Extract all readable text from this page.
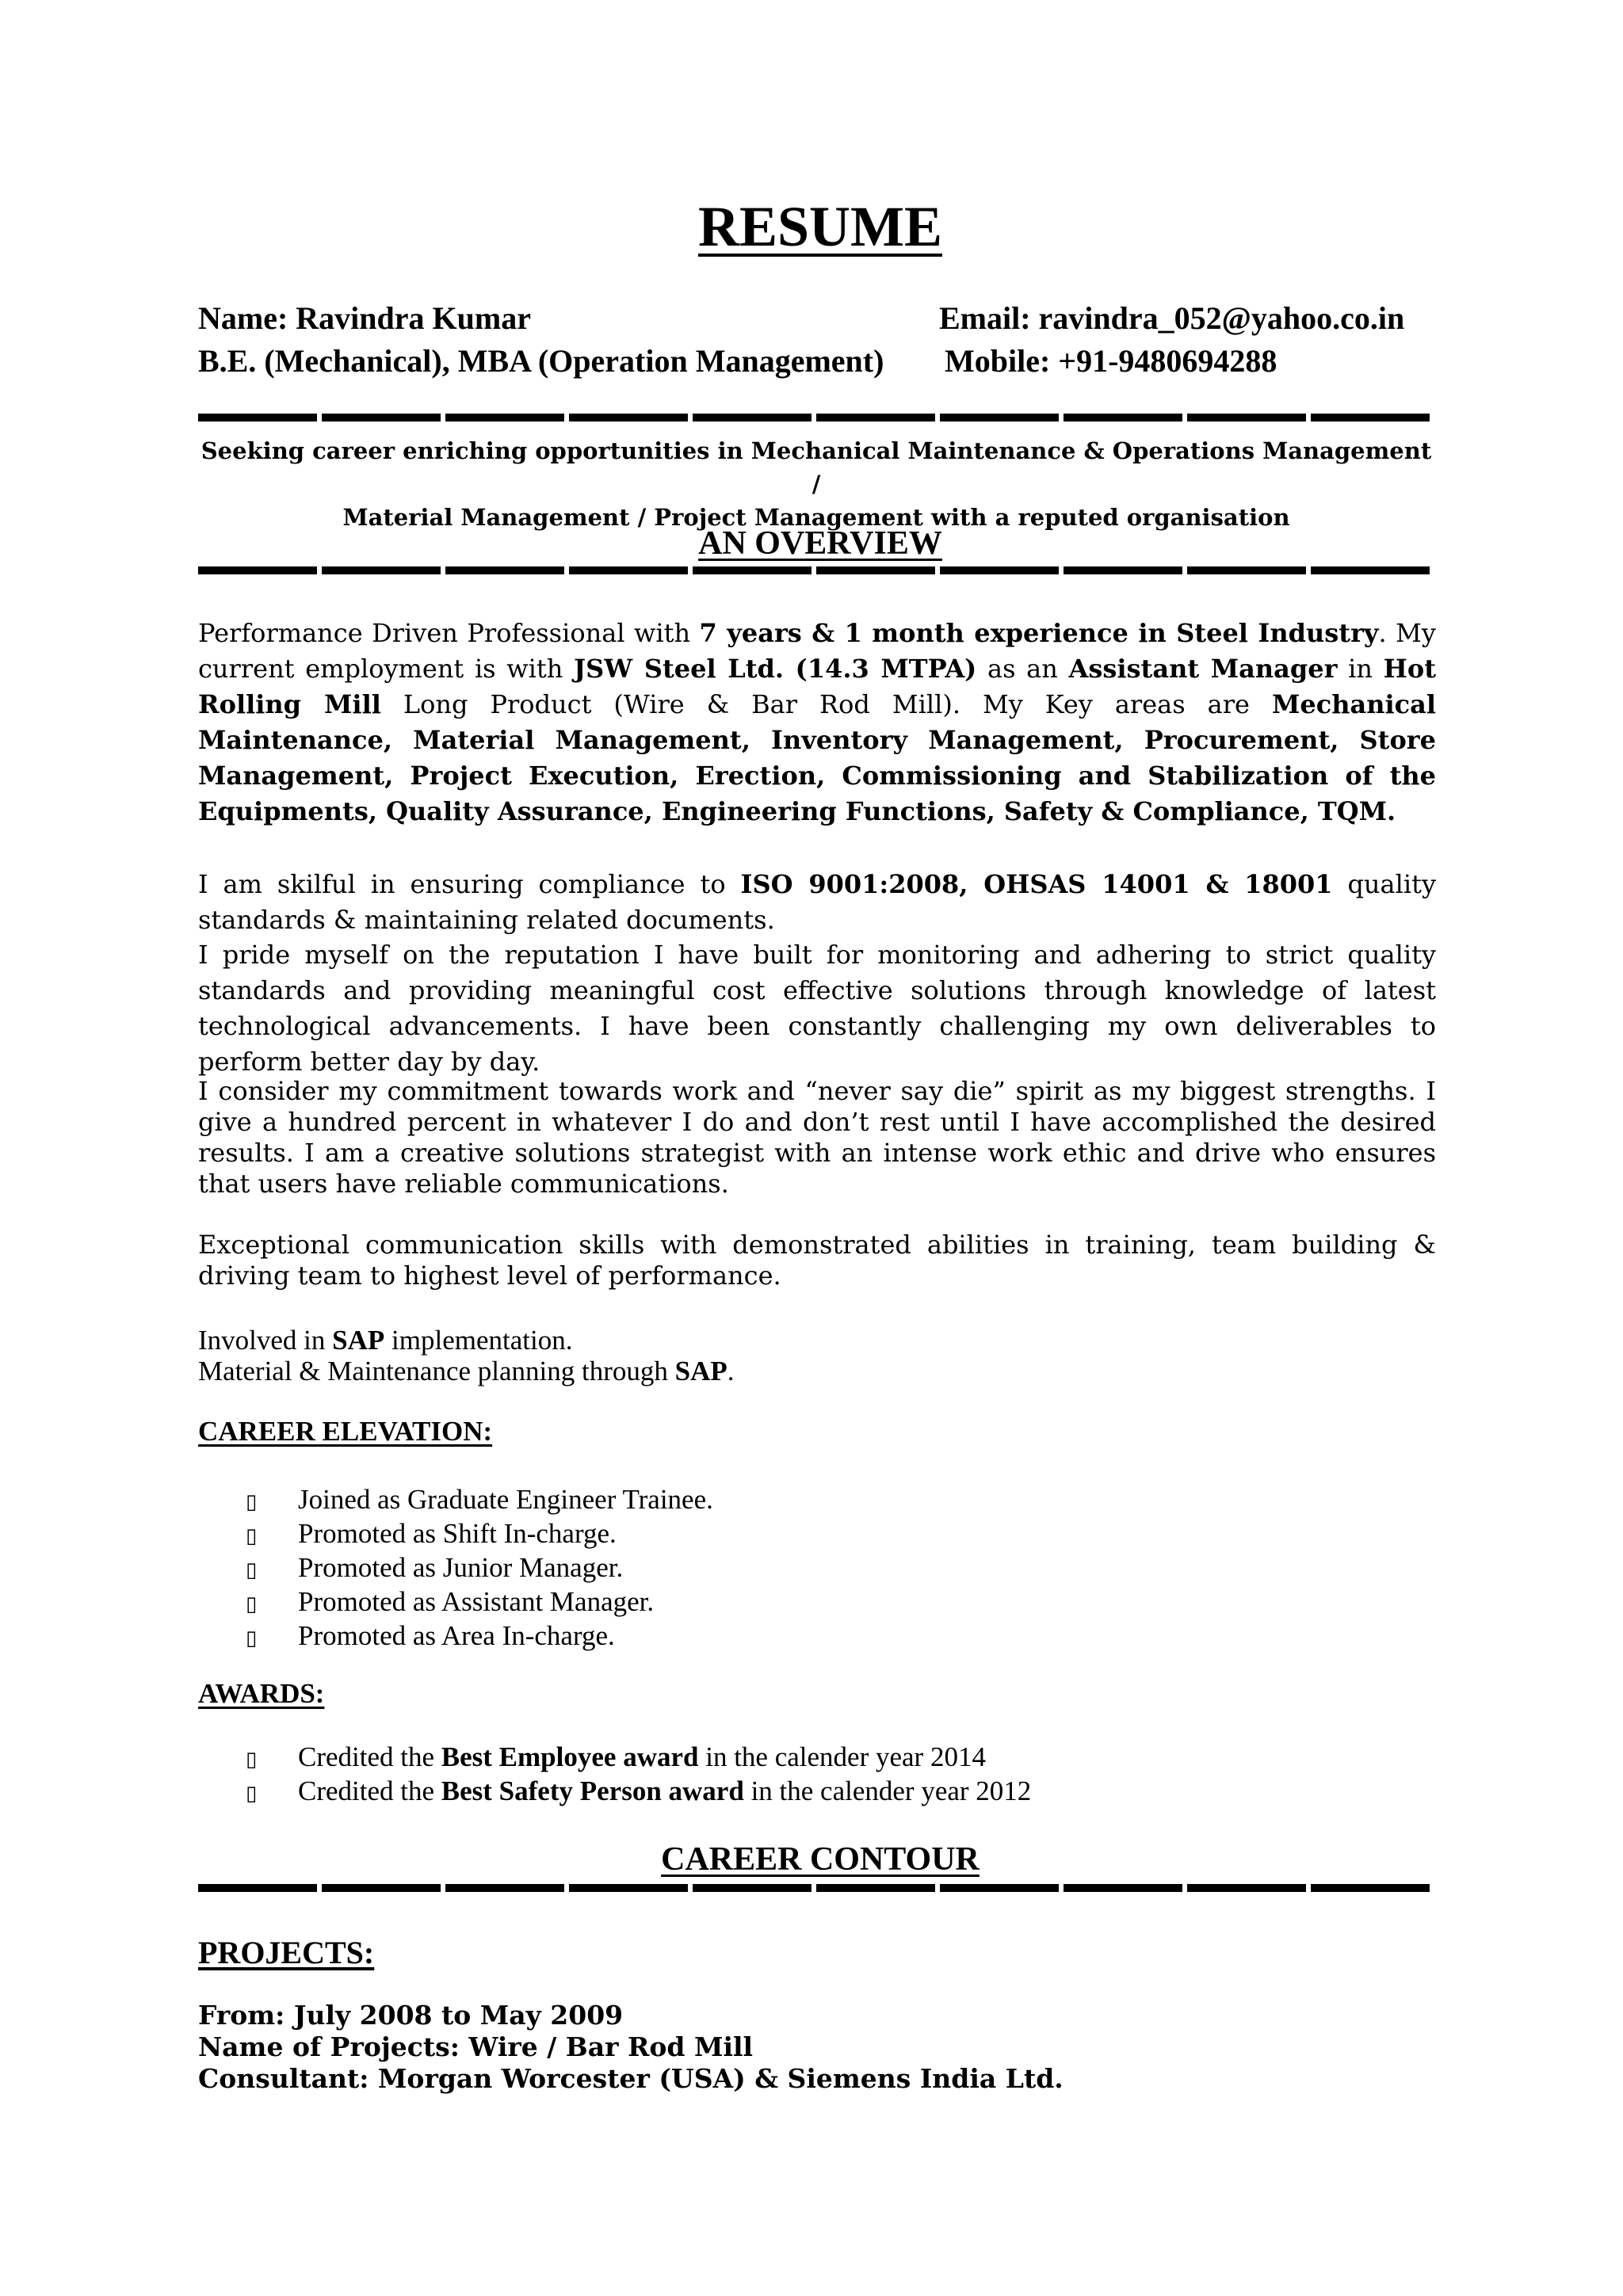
RESUME
Name: Ravindra Kumar	Email: ravindra_052@yahoo.co.in
B.E. (Mechanical), MBA (Operation Management) Mobile: +91-9480694288
Seeking career enriching opportunities in Mechanical Maintenance & Operations Management /
Material Management / Project Management with a reputed organisation
AN OVERVIEW
Performance Driven Professional with 7 years & 1 month experience in Steel Industry. My current employment is with JSW Steel Ltd. (14.3 MTPA) as an Assistant Manager in Hot Rolling Mill Long Product (Wire & Bar Rod Mill). My Key areas are Mechanical Maintenance, Material Management, Inventory Management, Procurement, Store Management, Project Execution, Erection, Commissioning and Stabilization of the Equipments, Quality Assurance, Engineering Functions, Safety & Compliance, TQM.
I am skilful in ensuring compliance to ISO 9001:2008, OHSAS 14001 & 18001 quality standards & maintaining related documents.
I pride myself on the reputation I have built for monitoring and adhering to strict quality standards and providing meaningful cost effective solutions through knowledge of latest technological advancements. I have been constantly challenging my own deliverables to perform better day by day.
I consider my commitment towards work and “never say die” spirit as my biggest strengths. I give a hundred percent in whatever I do and don’t rest until I have accomplished the desired results. I am a creative solutions strategist with an intense work ethic and drive who ensures that users have reliable communications.
Exceptional communication skills with demonstrated abilities in training, team building & driving team to highest level of performance.
Involved in SAP implementation.
Material & Maintenance planning through SAP.
CAREER ELEVATION:
▯ Joined as Graduate Engineer Trainee.
▯ Promoted as Shift In-charge.
▯ Promoted as Junior Manager.
▯ Promoted as Assistant Manager.
▯ Promoted as Area In-charge.
AWARDS:
▯ Credited the Best Employee award in the calender year 2014
▯ Credited the Best Safety Person award in the calender year 2012
CAREER CONTOUR
PROJECTS:
From: July 2008 to May 2009
Name of Projects: Wire / Bar Rod Mill
Consultant: Morgan Worcester (USA) & Siemens India Ltd.
